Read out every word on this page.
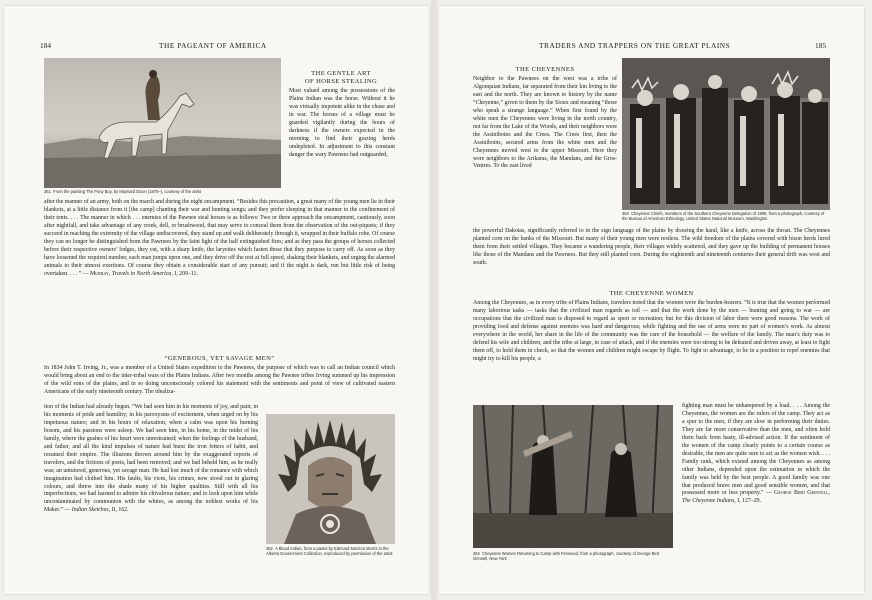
184	THE PAGEANT OF AMERICA
361 From the painting The Pony Boy, by Maynard Dixon (1875–), courtesy of the artist
THE GENTLE ART
OF HORSE STEALING

Most valued among the possessions of the Plains Indian was the horse. Without it he was virtually impotent alike in the chase and in war. The horses of a village must be guarded vigilantly during the hours of darkness if the owners expected in the morning to find their grazing herds undepleted. In adjustment to this constant danger the wary Pawnees had outguarded,

after the manner of an army, both on the march and during the night encampment. “Besides this precaution, a great many of the young men lie in their blankets, at a little distance from it [the camp] chanting their war and hunting songs; and they prefer sleeping in that manner to the confinement of their tents. . . . The manner in which . . . enemies of the Pawnee steal horses is as follows: Two or three approach the encampment, cautiously, soon after nightfall, and take advantage of any creek, dell, or brushwood, that may serve to conceal them from the observation of the out-piquets; if they succeed in reaching the extremity of the village undiscovered, they stand up and walk deliberately through it, wrapped in their buffalo robe. Of course they can no longer be distinguished from the Pawnees by the faint light of the half extinguished fires; and as they pass the groups of horses collected before their respective owners’ lodges, they cut, with a sharp knife, the laryettes which fasten those that they purpose to carry off. As soon as they have loosened the required number, each man jumps upon one, and they drive off the rest at full speed, shaking their blankets, and urging the alarmed animals to their utmost exertions. Of course they obtain a considerable start of any pursuit; and if the night is dark, run but little risk of being overtaken. . . . ” — Murray, Travels in North America, I, 209–11.

“GENEROUS, YET SAVAGE MEN”

In 1834 John T. Irving, Jr., was a member of a United States expedition to the Pawnees, the purpose of which was to call an Indian council which would bring about an end to the inter-tribal wars of the Plains Indians. After two months among the Pawnee tribes Irving summed up his impression of the wild sons of the plains, and in so doing unconsciously colored his statement with the sentiments and point of view of cultivated eastern Americans of the early nineteenth century. The idealiza-

tion of the Indian had already begun. “We had seen him in his moments of joy, and pain; in his moments of pride and humility; in his paroxysms of excitement, when urged on by his impetuous nature; and in his hours of relaxation, when a calm was upon his burning bosom, and his passions were asleep. We had seen him, in his home, in the midst of his family, where the gushes of his heart were unrestrained; when the feelings of the husband, and father, and all the kind impulses of nature had burst the iron fetters of habit, and resumed their empire. The illusions thrown around him by the exaggerated reports of travelers, and the fictions of poets, had been removed; and we had beheld him, as he really was; an untutored, generous, yet savage man. He had lost much of the romance with which imagination had clothed him. His faults, his vices, his crimes, now stood out in glaring colours, and threw into the shade many of his higher qualities. Still with all his imperfections, we had learned to admire his chivalrous nature; and to look upon him while uncontaminated by communion with the whites, as among the noblest works of his Maker.” — Indian Sketches, II, 162.

362 A Blood Indian, from a pastel by Edmund Morison Morris in the Alberta Government Collection, reproduced by permission of the artist
TRADERS AND TRAPPERS ON THE GREAT PLAINS	185
THE CHEYENNES

Neighbor to the Pawnees on the west was a tribe of Algonquian Indians, far separated from their kin living to the east and the north. They are known to history by the name “Cheyenne,” given to them by the Sioux and meaning “those who speak a strange language.” When first found by the white men the Cheyennes were living in the north country, not far from the Lake of the Woods, and their neighbors were the Assiniboins and the Crees. The Crees first, then the Assiniboins, secured arms from the white men and the Cheyennes moved west to the upper Missouri. Here they were neighbors to the Arikaras, the Mandans, and the Gros-Ventres. To the east lived

363 Cheyenne Chiefs, members of the Southern Cheyenne Delegation of 1909, from a photograph, courtesy of the Bureau of American Ethnology, United States National Museum, Washington

the powerful Dakotas, significantly referred to in the sign language of the plains by drawing the hand, like a knife, across the throat. The Cheyennes planted corn on the banks of the Missouri. But many of their young men were restless. The wild freedom of the plains covered with bison herds lured them from their settled villages. They became a wandering people, their villages widely scattered, and they gave up the building of permanent houses like those of the Mandans and the Pawnees. But they still planted corn. During the eighteenth and nineteenth centuries their general drift was west and south.

THE CHEYENNE WOMEN

Among the Cheyennes, as in every tribe of Plains Indians, travelers noted that the women were the burden-bearers. “It is true that the women performed many laborious tasks — tasks that the civilized man regards as toil — and that the work done by the men — hunting and going to war — are occupations that the civilized man is disposed to regard as sport or recreation; but for this division of labor there were good reasons. The work of providing food and defense against enemies was hard and dangerous; while fighting and the use of arms were no part of women’s work. As almost everywhere in the world, her share in the life of the community was the care of the household — the welfare of the family. The man’s duty was to defend his wife and children, and the tribe at large, in case of attack, and if the enemies were too strong to be defeated and driven away, at least to fight them off, to hold them in check, so that the women and children might escape by flight. To fight to advantage, to be in a position to repel enemies that might try to kill his people, a

364 Cheyenne Women Returning to Camp with Firewood, from a photograph, courtesy of George Bird Grinnell, New York

fighting man must be unhampered by a load. . . . Among the Cheyennes, the women are the rulers of the camp. They act as a spur to the men, if they are slow in performing their duties. They are far more conservative than the men, and often hold them back from hasty, ill-advised action. If the sentiment of the women of the camp clearly points to a certain course as desirable, the men are quite sure to act as the women wish. . . . Family rank, which existed among the Cheyennes as among other Indians, depended upon the estimation in which the family was held by the best people. A good family was one that produced brave men and good sensible women, and that possessed more or less property.” — George Bird Grinnell, The Cheyenne Indians, I, 127–29.
